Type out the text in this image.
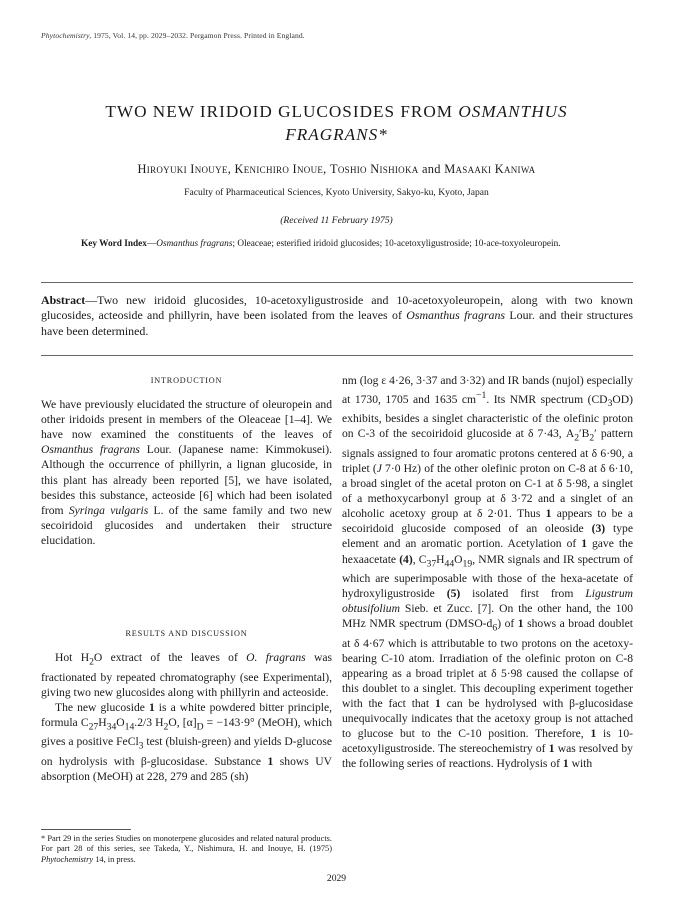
Phytochemistry, 1975, Vol. 14, pp. 2029–2032. Pergamon Press. Printed in England.
TWO NEW IRIDOID GLUCOSIDES FROM OSMANTHUS
FRAGRANS*
Hiroyuki Inouye, Kenichiro Inoue, Toshio Nishioka and Masaaki Kaniwa
Faculty of Pharmaceutical Sciences, Kyoto University, Sakyo-ku, Kyoto, Japan
(Received 11 February 1975)
Key Word Index—Osmanthus fragrans; Oleaceae; esterified iridoid glucosides; 10-acetoxyligustroside; 10-ace-toxyoleuropein.
Abstract—Two new iridoid glucosides, 10-acetoxyligustroside and 10-acetoxyoleuropein, along with two known glucosides, acteoside and phillyrin, have been isolated from the leaves of Osmanthus fragrans Lour. and their structures have been determined.
INTRODUCTION

We have previously elucidated the structure of oleuropein and other iridoids present in members of the Oleaceae [1–4]. We have now examined the constituents of the leaves of Osmanthus fragrans Lour. (Japanese name: Kimmokusei). Although the occurrence of phillyrin, a lignan glucoside, in this plant has already been reported [5], we have isolated, besides this substance, acteoside [6] which had been isolated from Syringa vulgaris L. of the same family and two new secoiridoid glucosides and undertaken their structure elucidation.

RESULTS AND DISCUSSION

Hot $H_2O$ extract of the leaves of O. fragrans was fractionated by repeated chromatography (see Experimental), giving two new glucosides along with phillyrin and acteoside.

The new glucoside 1 is a white powdered bitter principle, formula $C_{27}H_{34}O_{14}.2/3$ $H_2O$, $[\alpha]_D = -143\cdot 9^\circ$ (MeOH), which gives a positive FeCl$_3$ test (bluish-green) and yields D-glucose on hydrolysis with β-glucosidase. Substance 1 shows UV absorption (MeOH) at 228, 279 and 285 (sh)

* Part 29 in the series Studies on monoterpene glucosides and related natural products. For part 28 of this series, see Takeda, Y., Nishimura, H. and Inouye, H. (1975) Phytochemistry 14, in press.

nm (log ε 4·26, 3·37 and 3·32) and IR bands (nujol) especially at 1730, 1705 and 1635 $cm^{-1}$. Its NMR spectrum $(CD_3OD)$ exhibits, besides a singlet characteristic of the olefinic proton on C-3 of the secoiridoid glucoside at δ 7·43, $A_2'B_2'$ pattern signals assigned to four aromatic protons centered at δ 6·90, a triplet (J 7·0 Hz) of the other olefinic proton on C-8 at δ 6·10, a broad singlet of the acetal proton on C-1 at δ 5·98, a singlet of a methoxycarbonyl group at δ 3·72 and a singlet of an alcoholic acetoxy group at δ 2·01. Thus 1 appears to be a secoiridoid glucoside composed of an oleoside (3) type element and an aromatic portion. Acetylation of 1 gave the hexaacetate (4), $C_{37}H_{44}O_{19}$, NMR signals and IR spectrum of which are superimposable with those of the hexa-acetate of hydroxyligustroside (5) isolated first from Ligustrum obtusifolium Sieb. et Zucc. [7]. On the other hand, the 100 MHz NMR spectrum $(DMSO-d_6)$ of 1 shows a broad doublet at δ 4·67 which is attributable to two protons on the acetoxy-bearing C-10 atom. Irradiation of the olefinic proton on C-8 appearing as a broad triplet at δ 5·98 caused the collapse of this doublet to a singlet. This decoupling experiment together with the fact that 1 can be hydrolysed with β-glucosidase unequivocally indicates that the acetoxy group is not attached to glucose but to the C-10 position. Therefore, 1 is 10-acetoxyligustroside. The stereochemistry of 1 was resolved by the following series of reactions. Hydrolysis of 1 with

2029
